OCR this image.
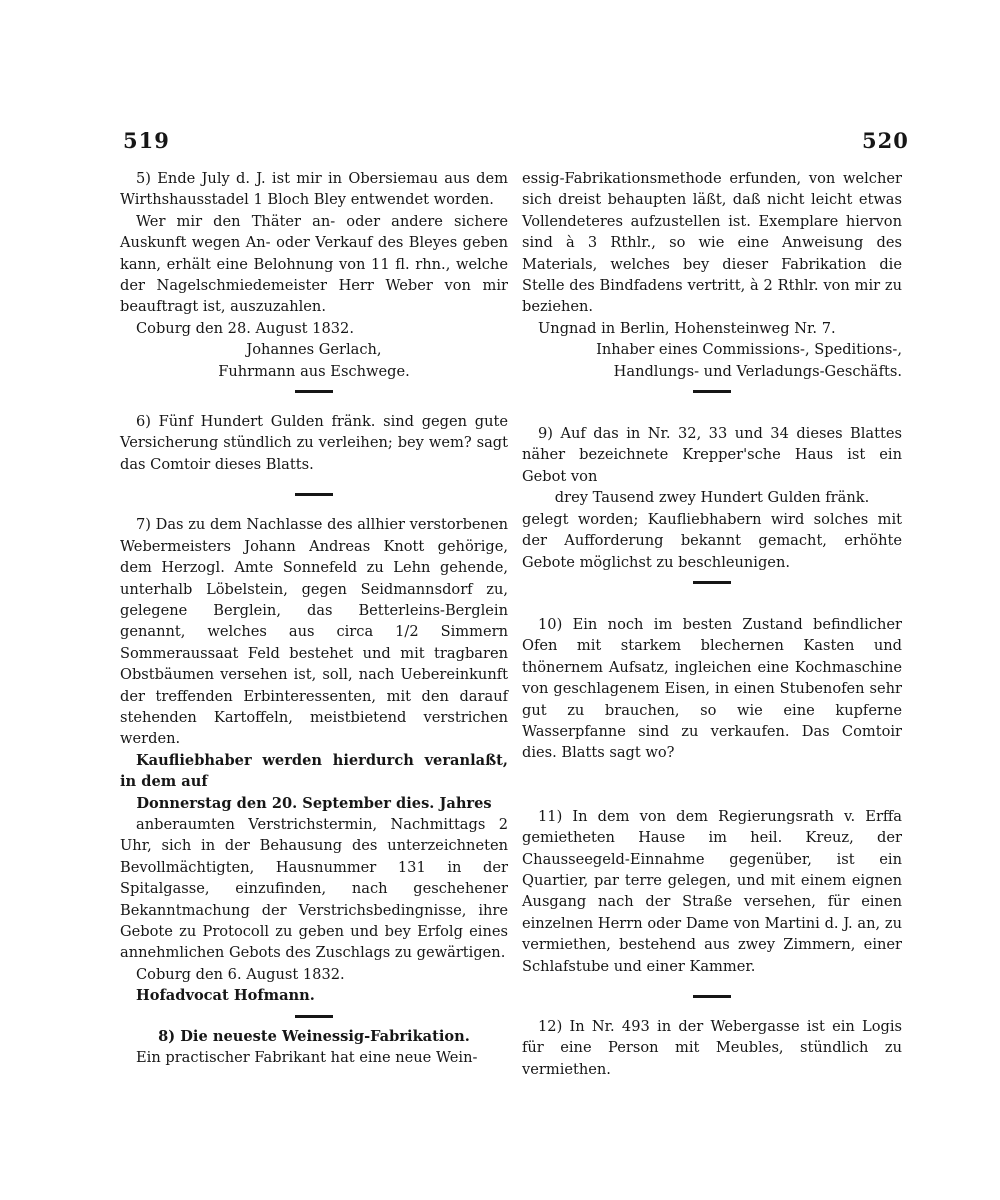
519	520

5) Ende July d. J. ist mir in Obersiemau aus dem Wirthshausstadel 1 Bloch Bley entwendet worden.

Wer mir den Thäter an- oder andere sichere Auskunft wegen An- oder Verkauf des Bleyes geben kann, erhält eine Belohnung von 11 fl. rhn., welche der Nagelschmiedemeister Herr Weber von mir beauftragt ist, auszuzahlen.

Coburg den 28. August 1832.

Johannes Gerlach,

Fuhrmann aus Eschwege.

6) Fünf Hundert Gulden fränk. sind gegen gute Versicherung stündlich zu verleihen; bey wem? sagt das Comtoir dieses Blatts.

7) Das zu dem Nachlasse des allhier verstorbenen Webermeisters Johann Andreas Knott gehörige, dem Herzogl. Amte Sonnefeld zu Lehn gehende, unterhalb Löbelstein, gegen Seidmannsdorf zu, gelegene Berglein, das Betterleins-Berglein genannt, welches aus circa 1/2 Simmern Sommeraussaat Feld bestehet und mit tragbaren Obstbäumen versehen ist, soll, nach Uebereinkunft der treffenden Erbinteressenten, mit den darauf stehenden Kartoffeln, meistbietend verstrichen werden.

Kaufliebhaber werden hierdurch veranlaßt, in dem auf

Donnerstag den 20. September dies. Jahres

anberaumten Verstrichstermin, Nachmittags 2 Uhr, sich in der Behausung des unterzeichneten Bevollmächtigten, Hausnummer 131 in der Spitalgasse, einzufinden, nach geschehener Bekanntmachung der Verstrichsbedingnisse, ihre Gebote zu Protocoll zu geben und bey Erfolg eines annehmlichen Gebots des Zuschlags zu gewärtigen.

Coburg den 6. August 1832.

Hofadvocat Hofmann.

8) Die neueste Weinessig-Fabrikation.

Ein practischer Fabrikant hat eine neue Wein-

essig-Fabrikationsmethode erfunden, von welcher sich dreist behaupten läßt, daß nicht leicht etwas Vollendeteres aufzustellen ist. Exemplare hiervon sind à 3 Rthlr., so wie eine Anweisung des Materials, welches bey dieser Fabrikation die Stelle des Bindfadens vertritt, à 2 Rthlr. von mir zu beziehen.

Ungnad in Berlin, Hohensteinweg Nr. 7.

Inhaber eines Commissions-, Speditions-,

Handlungs- und Verladungs-Geschäfts.

9) Auf das in Nr. 32, 33 und 34 dieses Blattes näher bezeichnete Krepper'sche Haus ist ein Gebot von

drey Tausend zwey Hundert Gulden fränk.

gelegt worden; Kaufliebhabern wird solches mit der Aufforderung bekannt gemacht, erhöhte Gebote möglichst zu beschleunigen.

10) Ein noch im besten Zustand befindlicher Ofen mit starkem blechernen Kasten und thönernem Aufsatz, ingleichen eine Kochmaschine von geschlagenem Eisen, in einen Stubenofen sehr gut zu brauchen, so wie eine kupferne Wasserpfanne sind zu verkaufen. Das Comtoir dies. Blatts sagt wo?

11) In dem von dem Regierungsrath v. Erffa gemietheten Hause im heil. Kreuz, der Chausseegeld-Einnahme gegenüber, ist ein Quartier, par terre gelegen, und mit einem eignen Ausgang nach der Straße versehen, für einen einzelnen Herrn oder Dame von Martini d. J. an, zu vermiethen, bestehend aus zwey Zimmern, einer Schlafstube und einer Kammer.

12) In Nr. 493 in der Webergasse ist ein Logis für eine Person mit Meubles, stündlich zu vermiethen.
